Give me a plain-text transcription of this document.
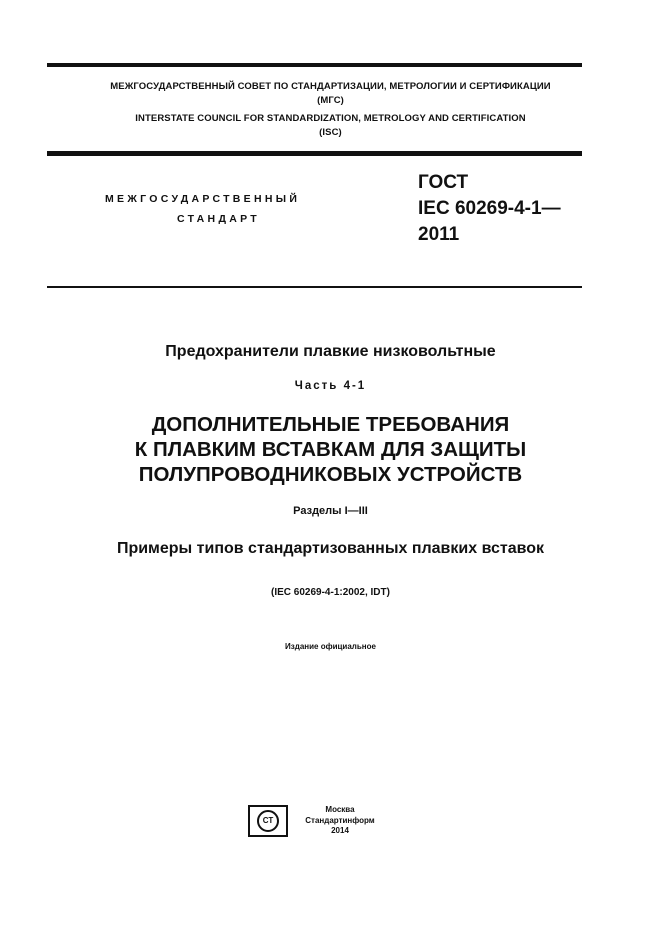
МЕЖГОСУДАРСТВЕННЫЙ СОВЕТ ПО СТАНДАРТИЗАЦИИ, МЕТРОЛОГИИ И СЕРТИФИКАЦИИ
(МГС)
INTERSTATE COUNCIL FOR STANDARDIZATION, METROLOGY AND CERTIFICATION
(ISC)
МЕЖГОСУДАРСТВЕННЫЙ
СТАНДАРТ
ГОСТ
IEC 60269-4-1—
2011
Предохранители плавкие низковольтные
Часть 4-1
ДОПОЛНИТЕЛЬНЫЕ ТРЕБОВАНИЯ
К ПЛАВКИМ ВСТАВКАМ ДЛЯ ЗАЩИТЫ
ПОЛУПРОВОДНИКОВЫХ УСТРОЙСТВ
Разделы I—III
Примеры типов стандартизованных плавких вставок
(IEC 60269-4-1:2002, IDT)
Издание официальное
СТ
Москва
Стандартинформ
2014
